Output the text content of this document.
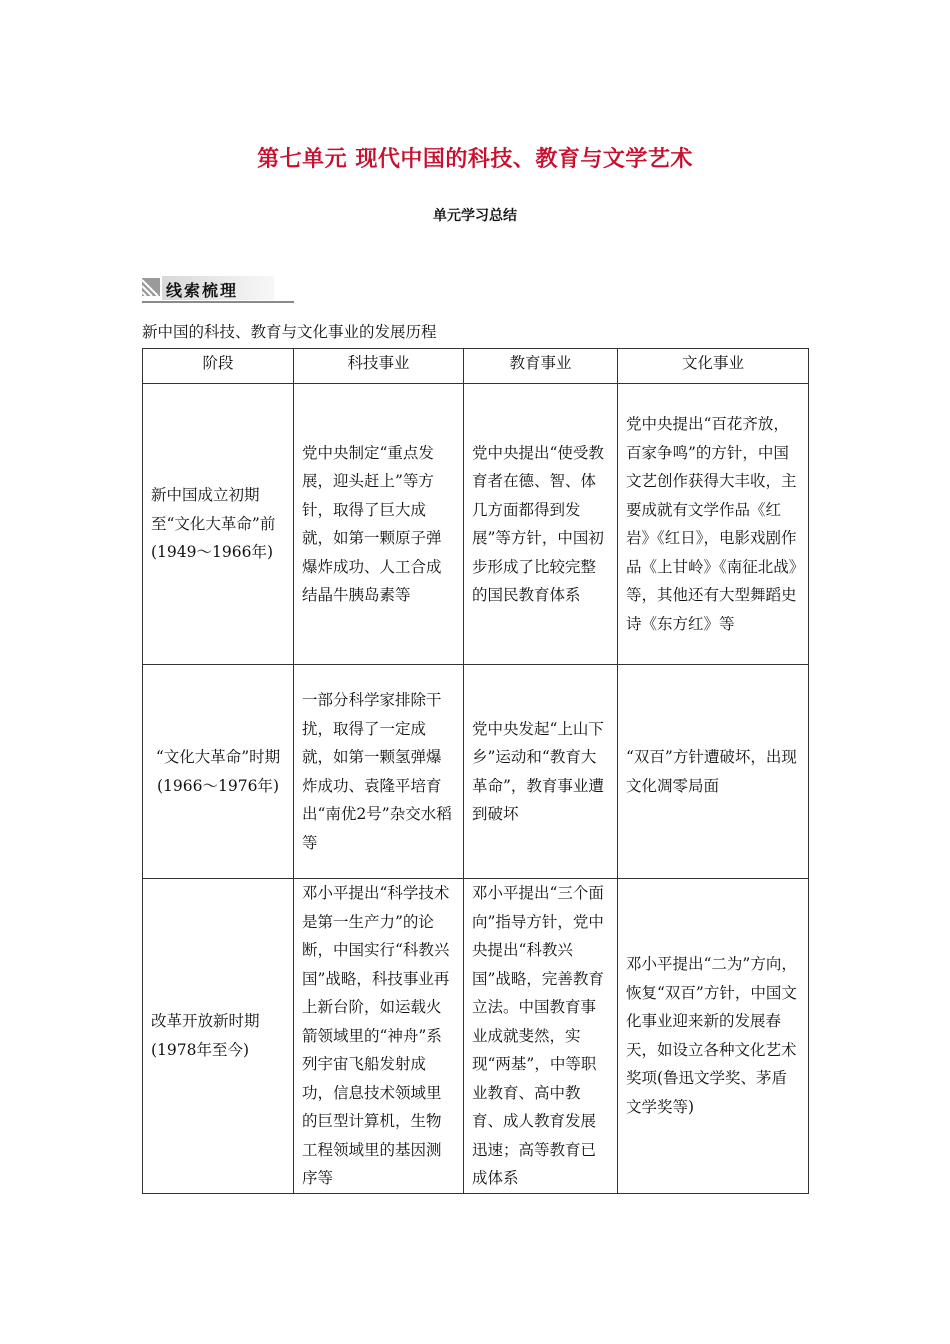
第七单元 现代中国的科技、教育与文学艺术
单元学习总结
线索梳理
新中国的科技、教育与文化事业的发展历程
阶段	科技事业	教育事业	文化事业
新中国成立初期至“文化大革命”前(1949～1966年)	党中央制定“重点发展，迎头赶上”等方针，取得了巨大成就，如第一颗原子弹爆炸成功、人工合成结晶牛胰岛素等	党中央提出“使受教育者在德、智、体几方面都得到发展”等方针，中国初步形成了比较完整的国民教育体系	党中央提出“百花齐放，百家争鸣”的方针，中国文艺创作获得大丰收，主要成就有文学作品《红岩》《红日》，电影戏剧作品《上甘岭》《南征北战》等，其他还有大型舞蹈史诗《东方红》等
“文化大革命”时期(1966～1976年)	一部分科学家排除干扰，取得了一定成就，如第一颗氢弹爆炸成功、袁隆平培育出“南优2号”杂交水稻等	党中央发起“上山下乡”运动和“教育大革命”，教育事业遭到破坏	“双百”方针遭破坏，出现文化凋零局面
改革开放新时期(1978年至今)	邓小平提出“科学技术是第一生产力”的论断，中国实行“科教兴国”战略，科技事业再上新台阶，如运载火箭领域里的“神舟”系列宇宙飞船发射成功，信息技术领域里的巨型计算机，生物工程领域里的基因测序等	邓小平提出“三个面向”指导方针，党中央提出“科教兴国”战略，完善教育立法。中国教育事业成就斐然，实现“两基”，中等职业教育、高中教育、成人教育发展迅速；高等教育已成体系	邓小平提出“二为”方向，恢复“双百”方针，中国文化事业迎来新的发展春天，如设立各种文化艺术奖项(鲁迅文学奖、茅盾文学奖等)
